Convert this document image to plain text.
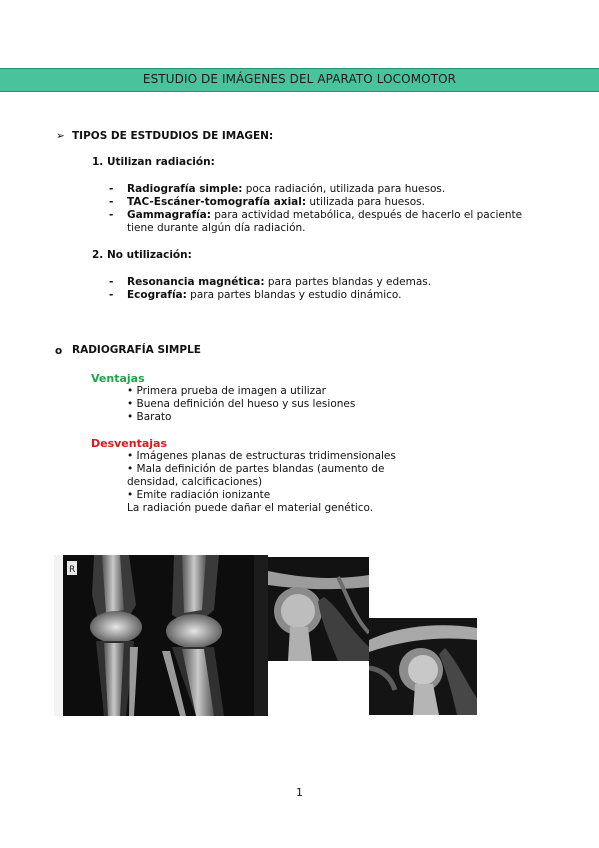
ESTUDIO DE IMÁGENES DEL APARATO LOCOMOTOR
➢ TIPOS DE ESTDUDIOS DE IMAGEN:
1. Utilizan radiación:
- Radiografía simple: poca radiación, utilizada para huesos.
- TAC-Escáner-tomografía axial: utilizada para huesos.
- Gammagrafía: para actividad metabólica, después de hacerlo el paciente
tiene durante algún día radiación.
2. No utilización:
- Resonancia magnética: para partes blandas y edemas.
- Ecografía: para partes blandas y estudio dinámico.
o RADIOGRAFÍA SIMPLE
Ventajas
• Primera prueba de imagen a utilizar
• Buena definición del hueso y sus lesiones
• Barato
Desventajas
• Imágenes planas de estructuras tridimensionales
• Mala definición de partes blandas (aumento de
densidad, calcificaciones)
• Emite radiación ionizante
La radiación puede dañar el material genético.
R
1
